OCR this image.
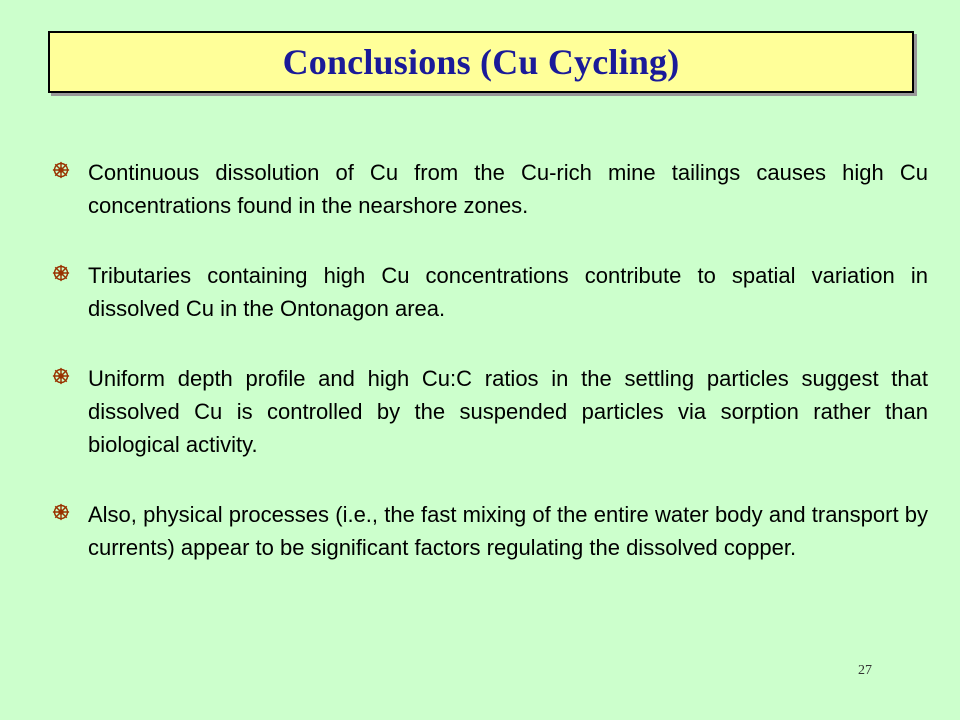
Conclusions (Cu Cycling)
Continuous dissolution of Cu from the Cu-rich mine tailings causes high Cu concentrations found in the nearshore zones.
Tributaries containing high Cu concentrations contribute to spatial variation in dissolved Cu in the Ontonagon area.
Uniform depth profile and high Cu:C ratios in the settling particles suggest that dissolved Cu is controlled by the suspended particles via sorption rather than biological activity.
Also, physical processes (i.e., the fast mixing of the entire water body and transport by currents) appear to be significant factors regulating the dissolved copper.
27
